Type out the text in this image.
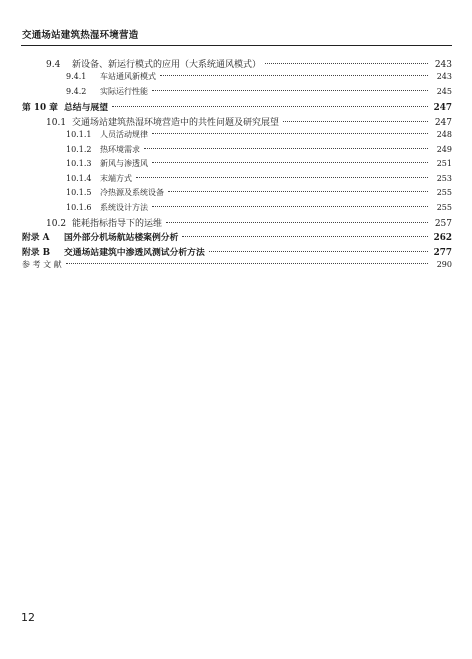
交通场站建筑热湿环境营造
9.4	新设备、新运行模式的应用（大系统通风模式）	243
9.4.1	车站通风新模式	243
9.4.2	实际运行性能	245
第 10 章 总结与展望	247
10.1 交通场站建筑热湿环境营造中的共性问题及研究展望	247
10.1.1	人员活动规律	248
10.1.2	热环境需求	249
10.1.3	新风与渗透风	251
10.1.4	末端方式	253
10.1.5	冷热源及系统设备	255
10.1.6	系统设计方法	255
10.2 能耗指标指导下的运维	257
附录 A	国外部分机场航站楼案例分析	262
附录 B	交通场站建筑中渗透风测试分析方法	277
参 考 文 献	290
12
